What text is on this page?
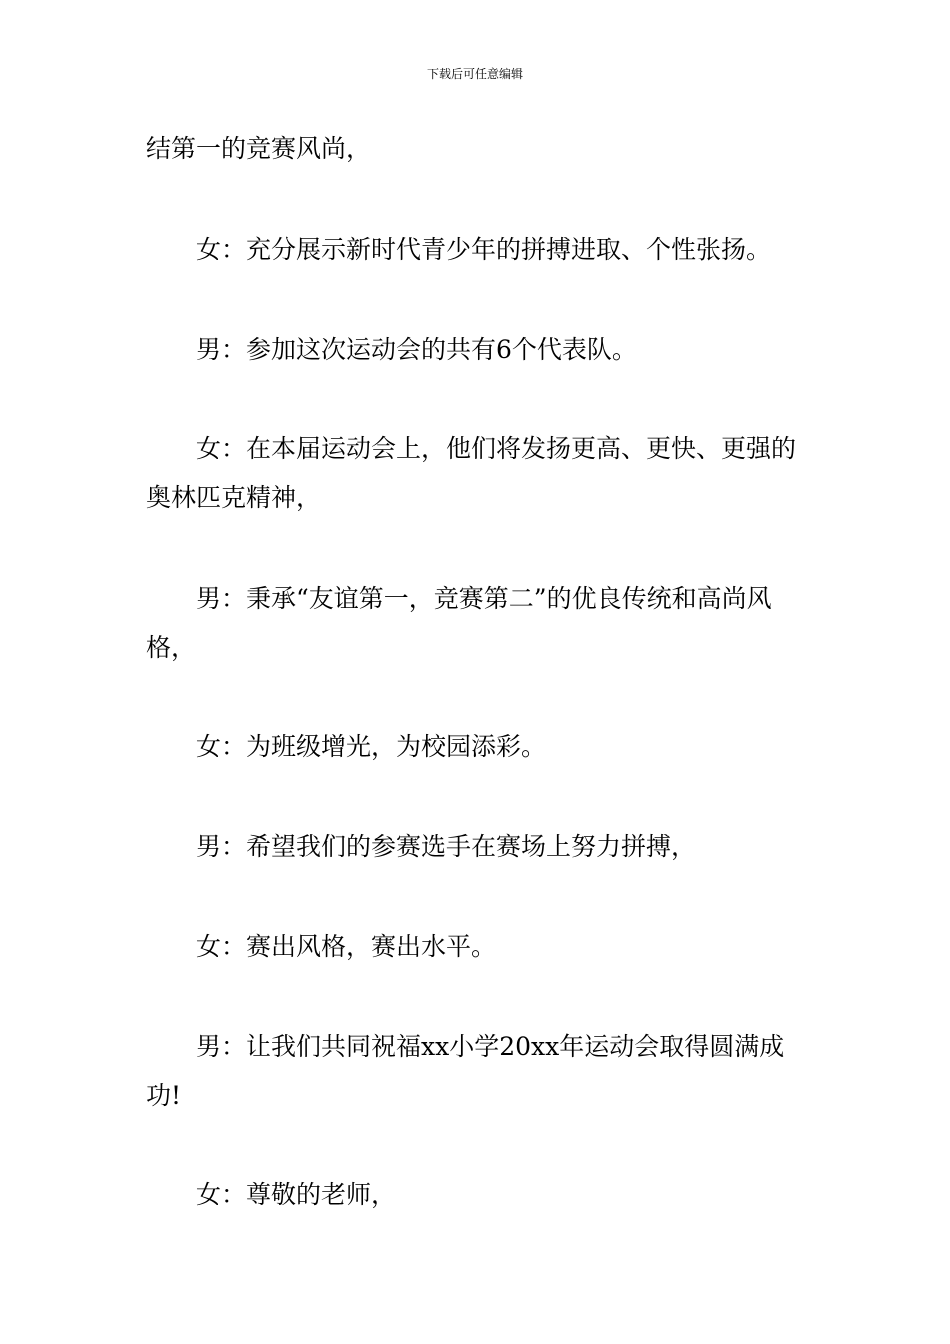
下载后可任意编辑

结第一的竞赛风尚，

女：充分展示新时代青少年的拼搏进取、个性张扬。

男：参加这次运动会的共有6个代表队。

女：在本届运动会上，他们将发扬更高、更快、更强的奥林匹克精神，

男：秉承“友谊第一，竞赛第二”的优良传统和高尚风格，

女：为班级增光，为校园添彩。

男：希望我们的参赛选手在赛场上努力拼搏，

女：赛出风格，赛出水平。

男：让我们共同祝福xx小学20xx年运动会取得圆满成功!

女：尊敬的老师，
